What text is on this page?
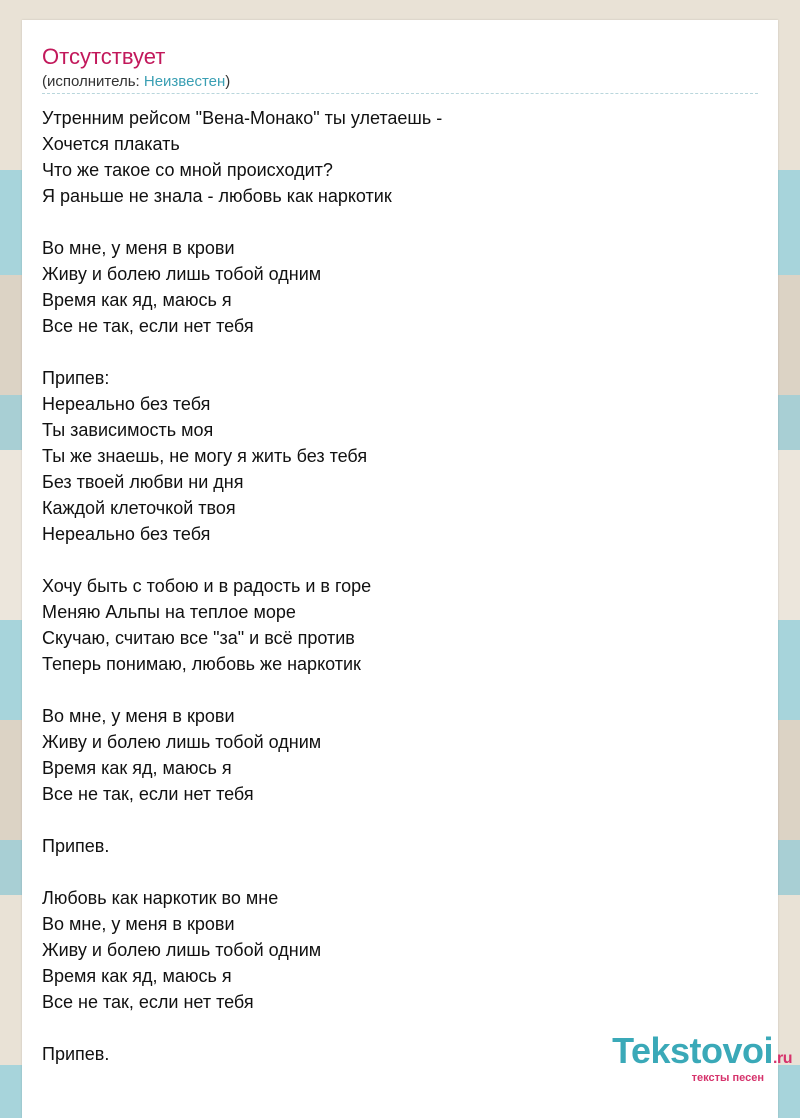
Отсутствует
(исполнитель: Неизвестен)
Утренним рейсом "Вена-Монако" ты улетаешь -
Хочется плакать
Что же такое со мной происходит?
Я раньше не знала - любовь как наркотик
Во мне, у меня в крови
Живу и болею лишь тобой одним
Время как яд, маюсь я
Все не так, если нет тебя
Припев:
Нереально без тебя
Ты зависимость моя
Ты же знаешь, не могу я жить без тебя
Без твоей любви ни дня
Каждой клеточкой твоя
Нереально без тебя
Хочу быть с тобою и в радость и в горе
Меняю Альпы на теплое море
Скучаю, считаю все "за" и всё против
Теперь понимаю, любовь же наркотик
Во мне, у меня в крови
Живу и болею лишь тобой одним
Время как яд, маюсь я
Все не так, если нет тебя
Припев.
Любовь как наркотик во мне
Во мне, у меня в крови
Живу и болею лишь тобой одним
Время как яд, маюсь я
Все не так, если нет тебя
Припев.	Tekstovoi.ru
тексты песен
